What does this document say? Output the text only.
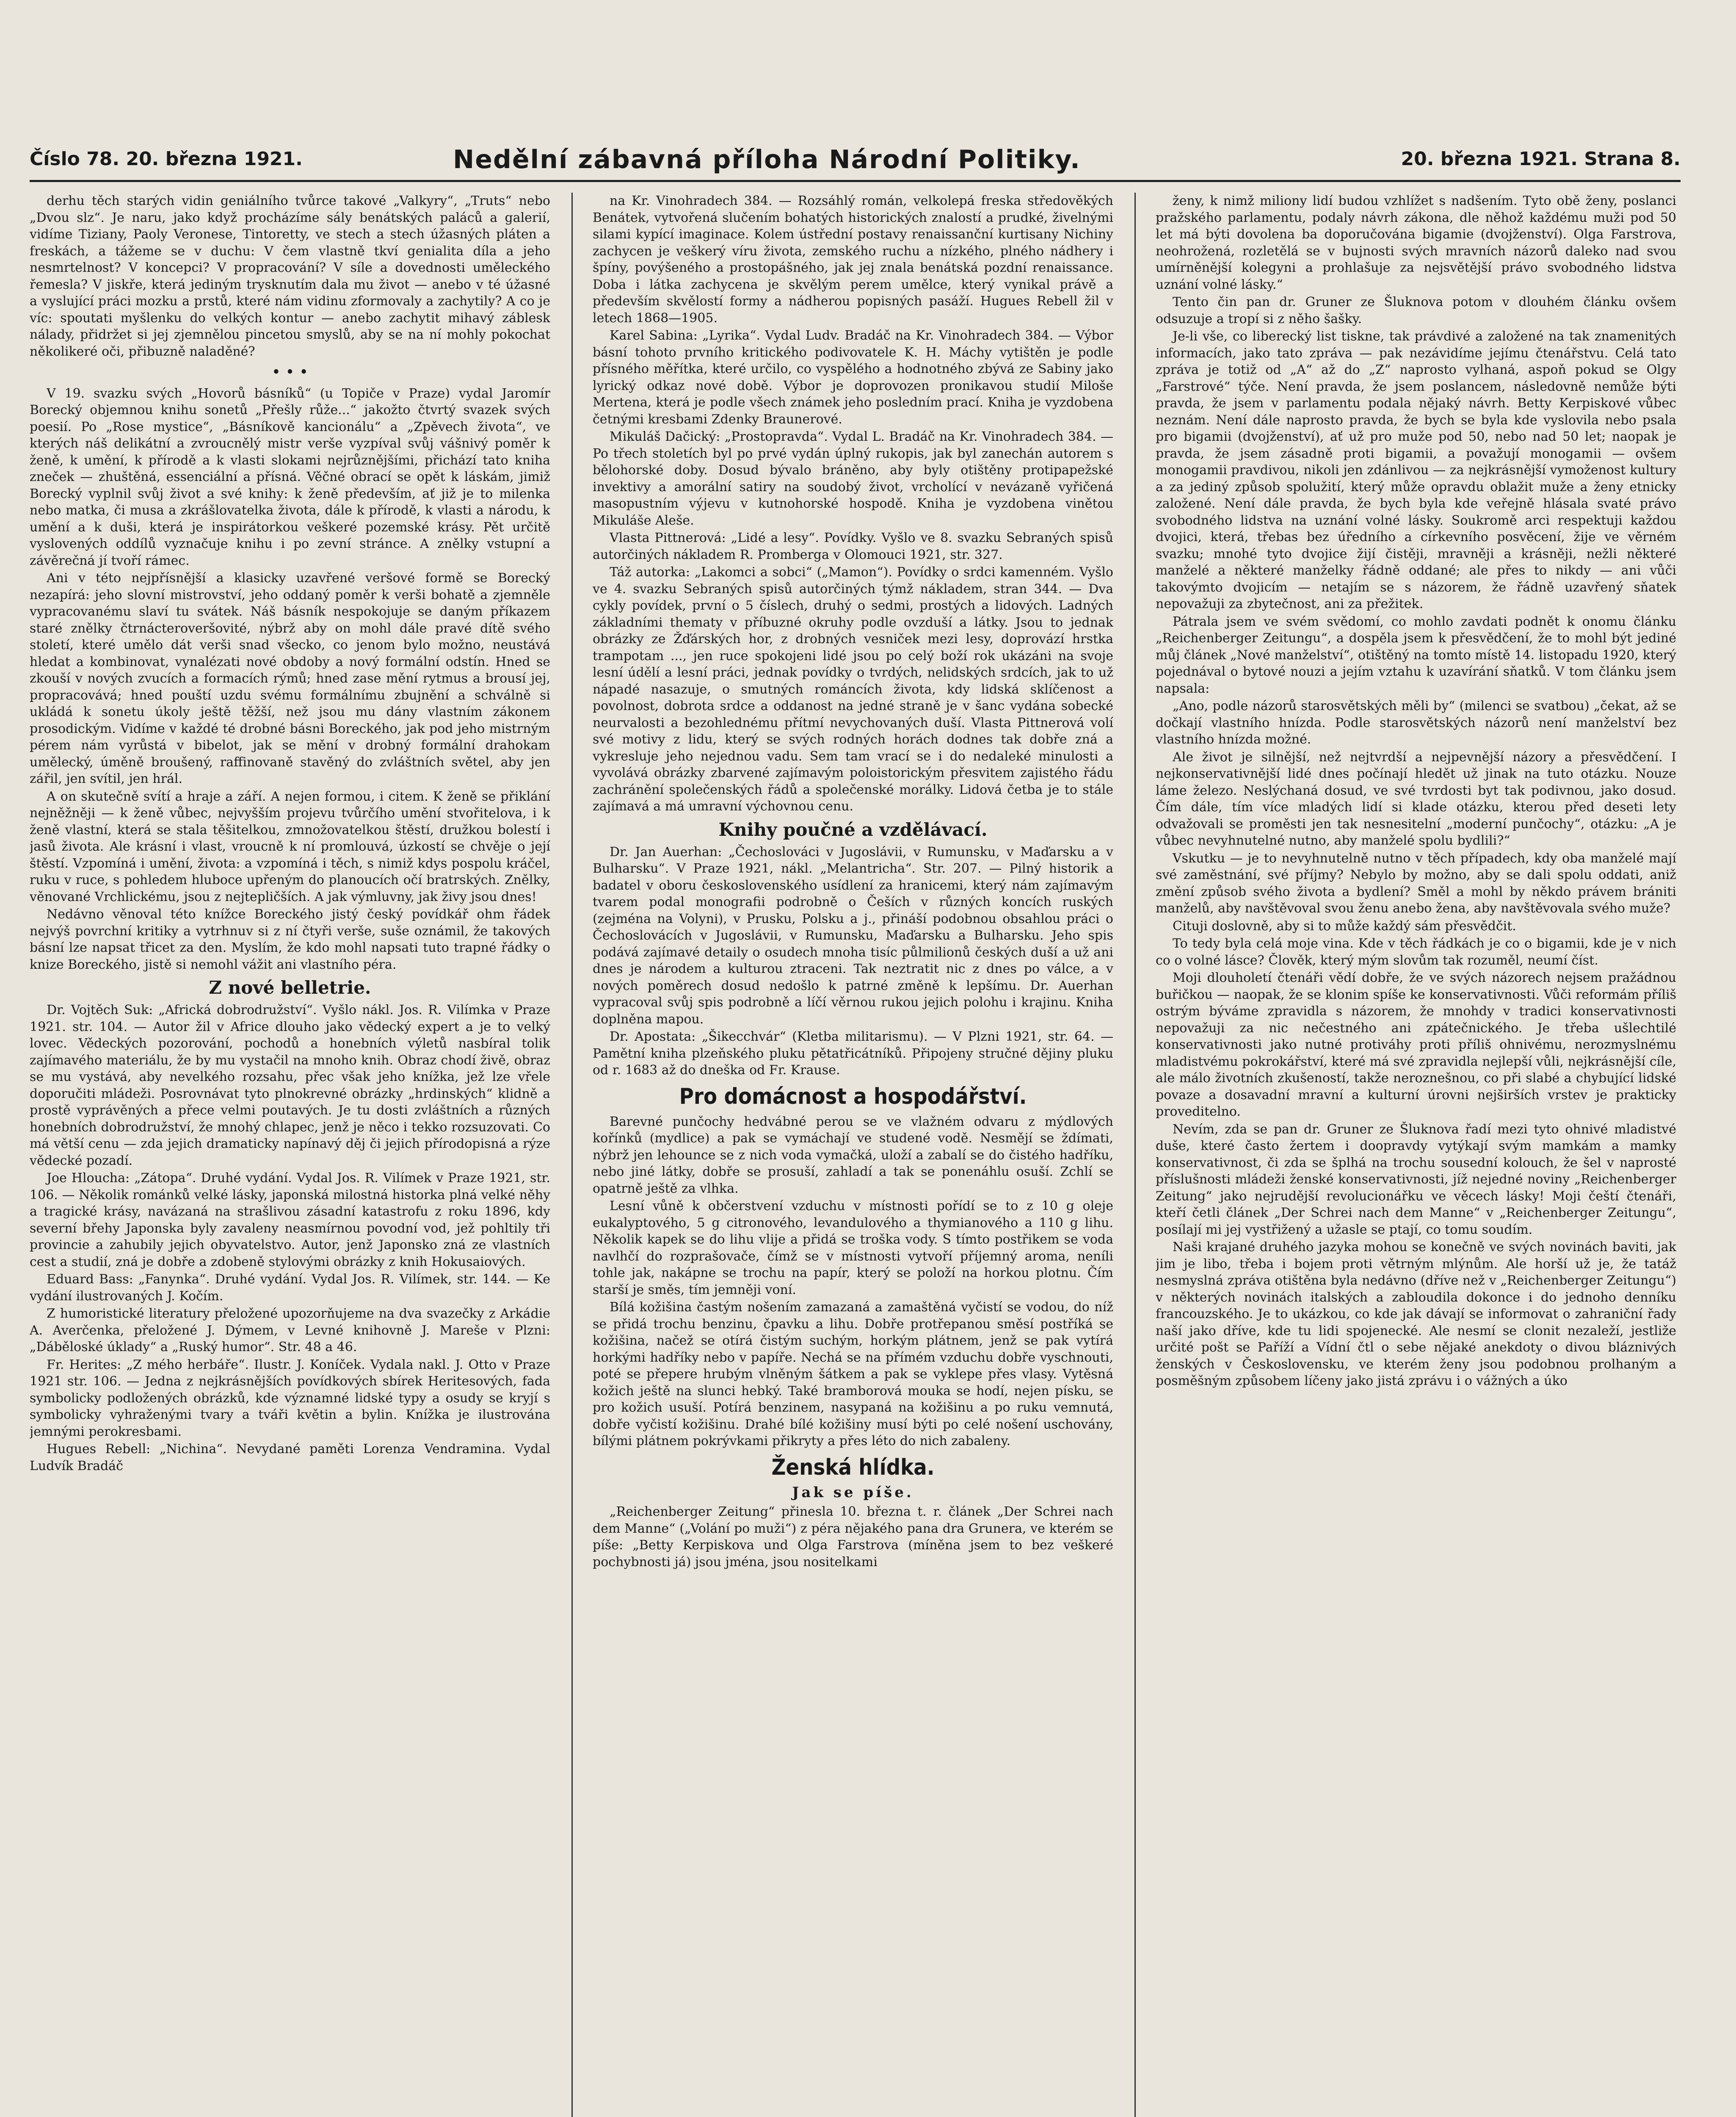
Číslo 78. 20. března 1921.	Nedělní zábavná příloha Národní Politiky.	20. března 1921. Strana 8.

derhu těch starých vidin geniálního tvůrce takové „Valkyry“, „Truts“ nebo „Dvou slz“. Je naru, jako když procházíme sály benátských paláců a galerií, vidíme Tiziany, Paoly Veronese, Tintoretty, ve stech a stech úžasných pláten a freskách, a tážeme se v duchu: V čem vlastně tkví genialita díla a jeho nesmrtelnost? V koncepci? V propracování? V síle a dovednosti uměleckého řemesla? V jiskře, která jediným trysknutím dala mu život — anebo v té úžasné a vyslující práci mozku a prstů, které nám vidinu zformovaly a zachytily? A co je víc: spoutati myšlenku do velkých kontur — anebo zachytit mihavý záblesk nálady, přidržet si jej zjemnělou pincetou smyslů, aby se na ní mohly pokochat několikeré oči, přibuzně naladěné?

• • •

V 19. svazku svých „Hovorů básníků“ (u Topiče v Praze) vydal Jaromír Borecký objemnou knihu sonetů „Přešly růže...“ jakožto čtvrtý svazek svých poesií. Po „Rose mystice“, „Básníkově kancionálu“ a „Zpěvech života“, ve kterých náš delikátní a zvroucnělý mistr verše vyzpíval svůj vášnivý poměr k ženě, k umění, k přírodě a k vlasti slokami nejrůznějšími, přichází tato kniha zneček — zhuštěná, essenciální a přísná. Věčné obrací se opět k láskám, jimiž Borecký vyplnil svůj život a své knihy: k ženě především, ať již je to milenka nebo matka, či musa a zkrášlovatelka života, dále k přírodě, k vlasti a národu, k umění a k duši, která je inspirátorkou veškeré pozemské krásy. Pět určitě vyslovených oddílů vyznačuje knihu i po zevní stránce. A znělky vstupní a závěrečná jí tvoří rámec.

Ani v této nejpřísnější a klasicky uzavřené veršové formě se Borecký nezapírá: jeho slovní mistrovství, jeho oddaný poměr k verši bohatě a zjemněle vypracovanému slaví tu svátek. Náš básník nespokojuje se daným příkazem staré znělky čtrnácteroveršovité, nýbrž aby on mohl dále pravé dítě svého století, které umělo dát verši snad všecko, co jenom bylo možno, neustává hledat a kombinovat, vynalézati nové obdoby a nový formální odstín. Hned se zkouší v nových zvucích a formacích rýmů; hned zase mění rytmus a brousí jej, propracovává; hned pouští uzdu svému formálnímu zbujnění a schválně si ukládá k sonetu úkoly ještě těžší, než jsou mu dány vlastním zákonem prosodickým. Vidíme v každé té drobné básni Boreckého, jak pod jeho mistrným pérem nám vyrůstá v bibelot, jak se mění v drobný formální drahokam umělecký, úměně broušený, raffinovaně stavěný do zvláštních světel, aby jen zářil, jen svítil, jen hrál.

A on skutečně svítí a hraje a září. A nejen formou, i citem. K ženě se přiklání nejněžněji — k ženě vůbec, nejvyšším projevu tvůrčího umění stvořitelova, i k ženě vlastní, která se stala těšitelkou, zmnožovatelkou štěstí, družkou bolestí i jasů života. Ale krásní i vlast, vroucně k ní promlouvá, úzkostí se chvěje o její štěstí. Vzpomíná i umění, života: a vzpomíná i těch, s nimiž kdys pospolu kráčel, ruku v ruce, s pohledem hluboce upřeným do planoucích očí bratrských. Znělky, věnované Vrchlickému, jsou z nejtepličších. A jak výmluvny, jak živy jsou dnes!

Nedávno věnoval této knížce Boreckého jistý český povídkář ohm řádek nejvýš povrchní kritiky a vytrhnuv si z ní čtyři verše, suše oznámil, že takových básní lze napsat třicet za den. Myslím, že kdo mohl napsati tuto trapné řádky o knize Boreckého, jistě si nemohl vážit ani vlastního péra.

Z nové belletrie.

Dr. Vojtěch Suk: „Africká dobrodružství“. Vyšlo nákl. Jos. R. Vilímka v Praze 1921. str. 104. — Autor žil v Africe dlouho jako vědecký expert a je to velký lovec. Vědeckých pozorování, pochodů a honebních výletů nasbíral tolik zajímavého materiálu, že by mu vystačil na mnoho knih. Obraz chodí živě, obraz se mu vystává, aby nevelkého rozsahu, přec však jeho knížka, jež lze vřele doporučiti mládeži. Posrovnávat tyto plnokrevné obrázky „hrdinských“ klidně a prostě vyprávěných a přece velmi poutavých. Je tu dosti zvláštních a různých honebních dobrodružství, že mnohý chlapec, jenž je něco i tekko rozsuzovati. Co má větší cenu — zda jejich dramaticky napínavý děj či jejich přírodopisná a rýze vědecké pozadí.

Joe Hloucha: „Zátopa“. Druhé vydání. Vydal Jos. R. Vilímek v Praze 1921, str. 106. — Několik románků velké lásky, japonská milostná historka plná velké něhy a tragické krásy, navázaná na strašlivou zásadní katastrofu z roku 1896, kdy severní břehy Japonska byly zavaleny neasmírnou povodní vod, jež pohltily tři provincie a zahubily jejich obyvatelstvo. Autor, jenž Japonsko zná ze vlastních cest a studií, zná je dobře a zdobeně stylovými obrázky z knih Hokusaiových.

Eduard Bass: „Fanynka“. Druhé vydání. Vydal Jos. R. Vilímek, str. 144. — Ke vydání ilustrovaných J. Kočím.

Z humoristické literatury přeložené upozorňujeme na dva svazečky z Arkádie A. Averčenka, přeložené J. Dýmem, v Levné knihovně J. Mareše v Plzni: „Dáběloské úklady“ a „Ruský humor“. Str. 48 a 46.

Fr. Herites: „Z mého herbáře“. Ilustr. J. Koníček. Vydala nakl. J. Otto v Praze 1921 str. 106. — Jedna z nejkrásnějších povídkových sbírek Heritesových, fada symbolicky podložených obrázků, kde významné lidské typy a osudy se kryjí s symbolicky vyhraženými tvary a tváři květin a bylin. Knížka je ilustrována jemnými perokresbami.

Hugues Rebell: „Nichina“. Nevydané paměti Lorenza Vendramina. Vydal Ludvík Bradáč

na Kr. Vinohradech 384. — Rozsáhlý román, velkolepá freska středověkých Benátek, vytvořená slučením bohatých historických znalostí a prudké, živelnými silami kypící imaginace. Kolem ústřední postavy renaissanční kurtisany Nichiny zachycen je veškerý víru života, zemského ruchu a nízkého, plného nádhery i špíny, povýšeného a prostopášného, jak jej znala benátská pozdní renaissance. Doba i látka zachycena je skvělým perem umělce, který vynikal právě a především skvělostí formy a nádherou popisných pasáží. Hugues Rebell žil v letech 1868—1905.

Karel Sabina: „Lyrika“. Vydal Ludv. Bradáč na Kr. Vinohradech 384. — Výbor básní tohoto prvního kritického podivovatele K. H. Máchy vytištěn je podle přísného měřítka, které určilo, co vyspělého a hodnotného zbývá ze Sabiny jako lyrický odkaz nové době. Výbor je doprovozen pronikavou studií Miloše Mertena, která je podle všech známek jeho posledním prací. Kniha je vyzdobena četnými kresbami Zdenky Braunerové.

Mikuláš Dačický: „Prostopravda“. Vydal L. Bradáč na Kr. Vinohradech 384. — Po třech stoletích byl po prvé vydán úplný rukopis, jak byl zanechán autorem s bělohorské doby. Dosud bývalo bráněno, aby byly otištěny protipapežské invektivy a amorální satiry na soudobý život, vrcholící v nevázaně vyřičená masopustním výjevu v kutnohorské hospodě. Kniha je vyzdobena vinětou Mikuláše Aleše.

Vlasta Pittnerová: „Lidé a lesy“. Povídky. Vyšlo ve 8. svazku Sebraných spisů autorčiných nákladem R. Promberga v Olomouci 1921, str. 327.

Táž autorka: „Lakomci a sobci“ („Mamon“). Povídky o srdci kamenném. Vyšlo ve 4. svazku Sebraných spisů autorčiných týmž nákladem, stran 344. — Dva cykly povídek, první o 5 číslech, druhý o sedmi, prostých a lidových. Ladných základními thematy v příbuzné okruhy podle ovzduší a látky. Jsou to jednak obrázky ze Žďárských hor, z drobných vesniček mezi lesy, doprovází hrstka trampotam ..., jen ruce spokojeni lidé jsou po celý boží rok ukázáni na svoje lesní údělí a lesní práci, jednak povídky o tvrdých, nelidských srdcích, jak to už nápadé nasazuje, o smutných románcích života, kdy lidská sklíčenost a povolnost, dobrota srdce a oddanost na jedné straně je v šanc vydána sobecké neurvalosti a bezohlednému přítmí nevychovaných duší. Vlasta Pittnerová volí své motivy z lidu, který se svých rodných horách dodnes tak dobře zná a vykresluje jeho nejednou vadu. Sem tam vrací se i do nedaleké minulosti a vyvolává obrázky zbarvené zajímavým poloistorickým přesvitem zajistého řádu zachránění společenských řádů a společenské morálky. Lidová četba je to stále zajímavá a má umravní výchovnou cenu.

Knihy poučné a vzdělávací.

Dr. Jan Auerhan: „Čechoslováci v Jugoslávii, v Rumunsku, v Maďarsku a v Bulharsku“. V Praze 1921, nákl. „Melantricha“. Str. 207. — Pilný historik a badatel v oboru československého usídlení za hranicemi, který nám zajímavým tvarem podal monografii podrobně o Češích v různých koncích ruských (zejména na Volyni), v Prusku, Polsku a j., přináší podobnou obsahlou práci o Čechoslovácích v Jugoslávii, v Rumunsku, Maďarsku a Bulharsku. Jeho spis podává zajímavé detaily o osudech mnoha tisíc půlmilionů českých duší a už ani dnes je národem a kulturou ztraceni. Tak neztratit nic z dnes po válce, a v nových poměrech dosud nedošlo k patrné změně k lepšímu. Dr. Auerhan vypracoval svůj spis podrobně a líčí věrnou rukou jejich polohu i krajinu. Kniha doplněna mapou.

Dr. Apostata: „Šikecchvár“ (Kletba militarismu). — V Plzni 1921, str. 64. — Pamětní kniha plzeňského pluku pětatřicátníků. Připojeny stručné dějiny pluku od r. 1683 až do dneška od Fr. Krause.

Pro domácnost a hospodářství.

Barevné punčochy hedvábné perou se ve vlažném odvaru z mýdlových kořínků (mydlice) a pak se vymáchají ve studené vodě. Nesmějí se ždímati, nýbrž jen lehounce se z nich voda vymačká, uloží a zabalí se do čistého hadříku, nebo jiné látky, dobře se prosuší, zahladí a tak se ponenáhlu osuší. Zchlí se opatrně ještě za vlhka.

Lesní vůně k občerstvení vzduchu v místnosti pořídí se to z 10 g oleje eukalyptového, 5 g citronového, levandulového a thymianového a 110 g lihu. Několik kapek se do lihu vlije a přidá se troška vody. S tímto postřikem se voda navlhčí do rozprašovače, čímž se v místnosti vytvoří příjemný aroma, neníli tohle jak, nakápne se trochu na papír, který se položí na horkou plotnu. Čím starší je směs, tím jemněji voní.

Bílá kožišina častým nošením zamazaná a zamaštěná vyčistí se vodou, do níž se přidá trochu benzinu, čpavku a lihu. Dobře protřepanou směsí postříká se kožišina, načež se otírá čistým suchým, horkým plátnem, jenž se pak vytírá horkými hadříky nebo v papíře. Nechá se na přímém vzduchu dobře vyschnouti, poté se přepere hrubým vlněným šátkem a pak se vyklepe přes vlasy. Vytěsná kožich ještě na slunci hebký. Také bramborová mouka se hodí, nejen písku, se pro kožich usuší. Potírá benzinem, nasypaná na kožišinu a po ruku vemnutá, dobře vyčistí kožišinu. Drahé bílé kožišiny musí býti po celé nošení uschovány, bílými plátnem pokrývkami přikryty a přes léto do nich zabaleny.

Ženská hlídka.
Jak se píše.

„Reichenberger Zeitung“ přinesla 10. března t. r. článek „Der Schrei nach dem Manne“ („Volání po muži“) z péra nějakého pana dra Grunera, ve kterém se píše: „Betty Kerpiskova und Olga Farstrova (míněna jsem to bez veškeré pochybnosti já) jsou jména, jsou nositelkami

ženy, k nimž miliony lidí budou vzhlížet s nadšením. Tyto obě ženy, poslanci pražského parlamentu, podaly návrh zákona, dle něhož každému muži pod 50 let má býti dovolena ba doporučována bigamie (dvojženství). Olga Farstrova, neohrožená, rozletělá se v bujnosti svých mravních názorů daleko nad svou umírněnější kolegyni a prohlašuje za nejsvětější právo svobodného lidstva uznání volné lásky.“

Tento čin pan dr. Gruner ze Šluknova potom v dlouhém článku ovšem odsuzuje a tropí si z něho šašky.

Je-li vše, co liberecký list tiskne, tak právdivé a založené na tak znamenitých informacích, jako tato zpráva — pak nezávidíme jejímu čtenářstvu. Celá tato zpráva je totiž od „A“ až do „Z“ naprosto vylhaná, aspoň pokud se Olgy „Farstrové“ týče. Není pravda, že jsem poslancem, následovně nemůže býti pravda, že jsem v parlamentu podala nějaký návrh. Betty Kerpiskové vůbec neznám. Není dále naprosto pravda, že bych se byla kde vyslovila nebo psala pro bigamii (dvojženství), ať už pro muže pod 50, nebo nad 50 let; naopak je pravda, že jsem zásadně proti bigamii, a považují monogamii — ovšem monogamii pravdivou, nikoli jen zdánlivou — za nejkrásnější vymoženost kultury a za jediný způsob spolužití, který může opravdu oblažit muže a ženy etnicky založené. Není dále pravda, že bych byla kde veřejně hlásala svaté právo svobodného lidstva na uznání volné lásky. Soukromě arci respektuji každou dvojici, která, třebas bez úředního a církevního posvěcení, žije ve věrném svazku; mnohé tyto dvojice žijí čistěji, mravněji a krásněji, nežli některé manželé a některé manželky řádně oddané; ale přes to nikdy — ani vůči takovýmto dvojicím — netajím se s názorem, že řádně uzavřený sňatek nepovažuji za zbytečnost, ani za přežitek.

Pátrala jsem ve svém svědomí, co mohlo zavdati podnět k onomu článku „Reichenberger Zeitungu“, a dospěla jsem k přesvědčení, že to mohl být jediné můj článek „Nové manželství“, otištěný na tomto místě 14. listopadu 1920, který pojednával o bytové nouzi a jejím vztahu k uzavírání sňatků. V tom článku jsem napsala:

„Ano, podle názorů starosvětských měli by“ (milenci se svatbou) „čekat, až se dočkají vlastního hnízda. Podle starosvětských názorů není manželství bez vlastního hnízda možné.

Ale život je silnější, než nejtvrdší a nejpevnější názory a přesvědčení. I nejkonservativnější lidé dnes počínají hledět už jinak na tuto otázku. Nouze láme železo. Neslýchaná dosud, ve své tvrdosti byt tak podivnou, jako dosud. Čím dále, tím více mladých lidí si klade otázku, kterou před deseti lety odvažovali se proměsti jen tak nesnesitelní „moderní punčochy“, otázku: „A je vůbec nevyhnutelné nutno, aby manželé spolu bydlili?“

Vskutku — je to nevyhnutelně nutno v těch případech, kdy oba manželé mají své zaměstnání, své příjmy? Nebylo by možno, aby se dali spolu oddati, aniž změní způsob svého života a bydlení? Směl a mohl by někdo právem brániti manželů, aby navštěvoval svou ženu anebo žena, aby navštěvovala svého muže?

Cituji doslovně, aby si to může každý sám přesvědčit.

To tedy byla celá moje vina. Kde v těch řádkách je co o bigamii, kde je v nich co o volné lásce? Člověk, který mým slovům tak rozuměl, neumí číst.

Moji dlouholetí čtenáři vědí dobře, že ve svých názorech nejsem pražádnou buřičkou — naopak, že se klonim spíše ke konservativnosti. Vůči reformám příliš ostrým býváme zpravidla s názorem, že mnohdy v tradici konservativnosti nepovažuji za nic nečestného ani zpátečnického. Je třeba ušlechtilé konservativnosti jako nutné protiváhy proti příliš ohnivému, nerozmyslnému mladistvému pokrokářství, které má své zpravidla nejlepší vůli, nejkrásnější cíle, ale málo životních zkušeností, takže neroznešnou, co při slabé a chybující lidské povaze a dosavadní mravní a kulturní úrovni nejširších vrstev je prakticky proveditelno.

Nevím, zda se pan dr. Gruner ze Šluknova řadí mezi tyto ohnivé mladistvé duše, které často žertem i doopravdy vytýkají svým mamkám a mamky konservativnost, či zda se šplhá na trochu sousední kolouch, že šel v naprosté příslušnosti mládeži ženské konservativnosti, jíž nejedné noviny „Reichenberger Zeitung“ jako nejrudější revolucionářku ve věcech lásky! Moji čeští čtenáři, kteří četli článek „Der Schrei nach dem Manne“ v „Reichenberger Zeitungu“, posílají mi jej vystřižený a užasle se ptají, co tomu soudím.

Naši krajané druhého jazyka mohou se konečně ve svých novinách baviti, jak jim je libo, třeba i bojem proti větrným mlýnům. Ale horší už je, že tatáž nesmyslná zpráva otištěna byla nedávno (dříve než v „Reichenberger Zeitungu“) v některých novinách italských a zabloudila dokonce i do jednoho denníku francouzského. Je to ukázkou, co kde jak dávají se informovat o zahraniční řady naší jako dříve, kde tu lidi spojenecké. Ale nesmí se clonit nezaleží, jestliže určité pošt se Paříží a Vídní čtl o sebe nějaké anekdoty o divou bláznivých ženských v Československu, ve kterém ženy jsou podobnou prolhaným a posměšným způsobem líčeny jako jistá zprávu i o vážných a úko
